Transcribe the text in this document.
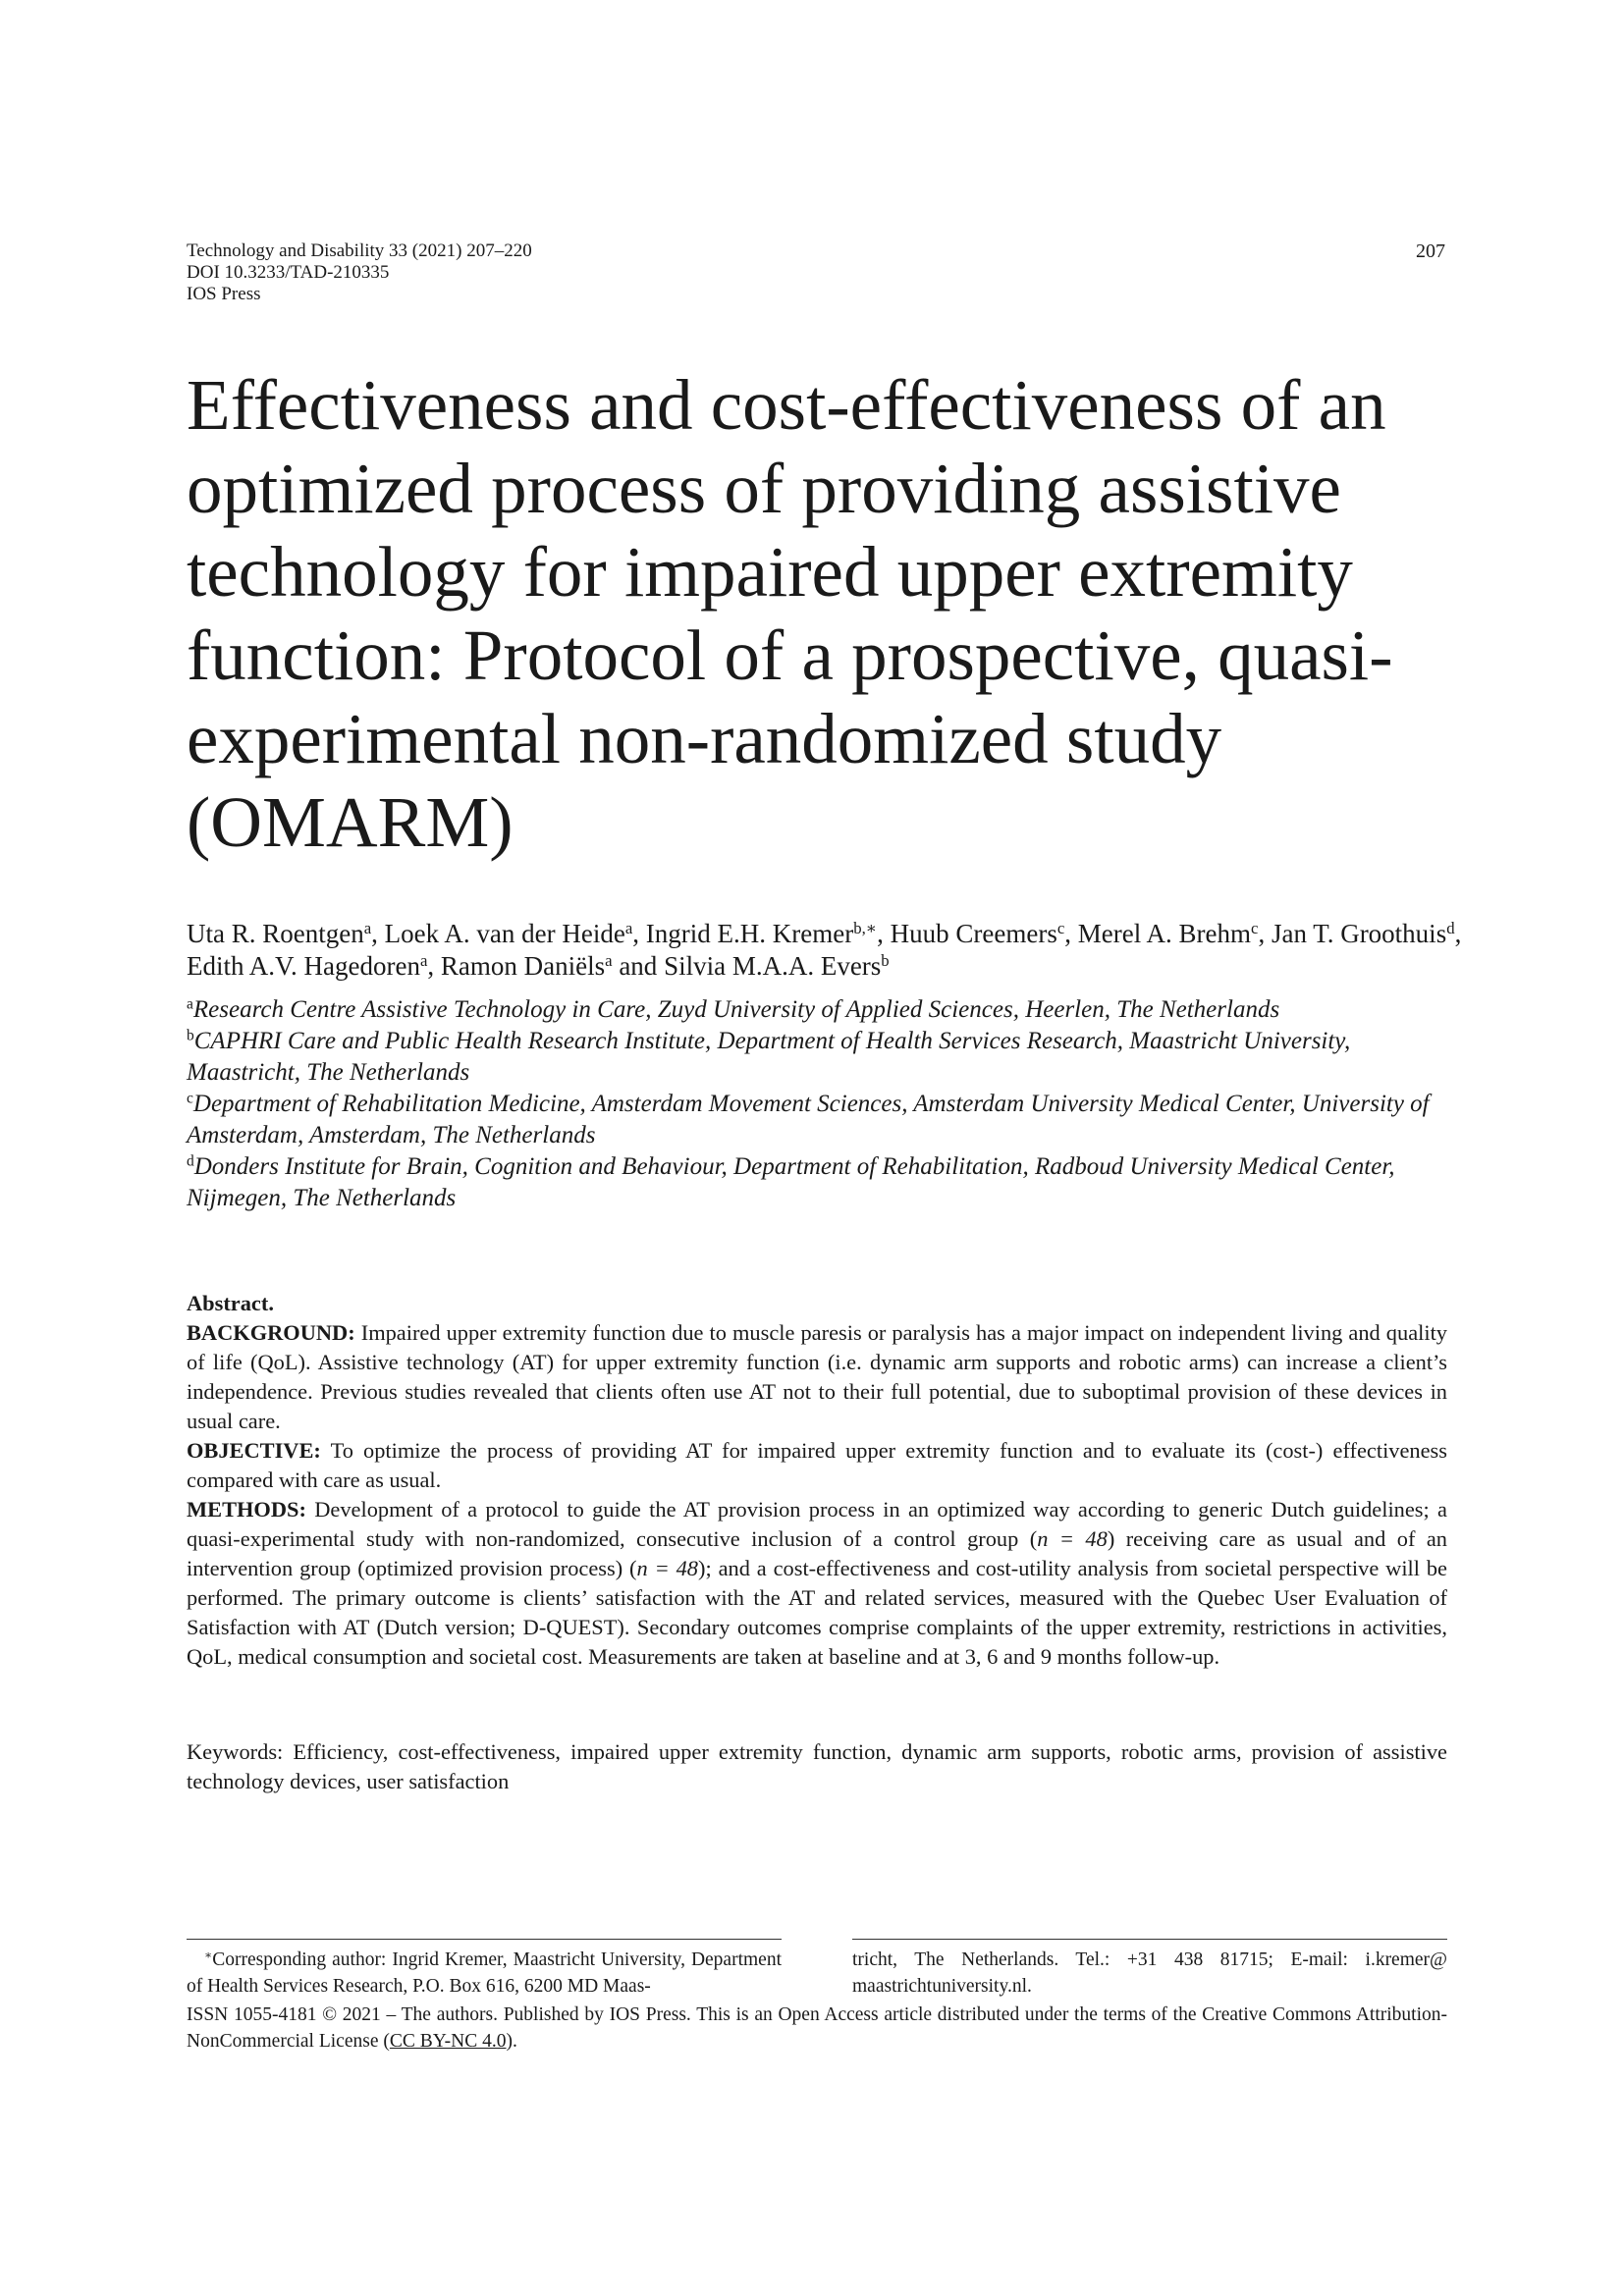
Technology and Disability 33 (2021) 207–220
DOI 10.3233/TAD-210335
IOS Press
207
Effectiveness and cost-effectiveness of an optimized process of providing assistive technology for impaired upper extremity function: Protocol of a prospective, quasi-experimental non-randomized study (OMARM)
Uta R. Roentgen$^a$, Loek A. van der Heide$^a$, Ingrid E.H. Kremer$^{b,∗}$, Huub Creemers$^c$, Merel A. Brehm$^c$, Jan T. Groothuis$^d$, Edith A.V. Hagedoren$^a$, Ramon Daniëls$^a$ and Silvia M.A.A. Evers$^b$
$^a$Research Centre Assistive Technology in Care, Zuyd University of Applied Sciences, Heerlen, The Netherlands
$^b$CAPHRI Care and Public Health Research Institute, Department of Health Services Research, Maastricht University, Maastricht, The Netherlands
$^c$Department of Rehabilitation Medicine, Amsterdam Movement Sciences, Amsterdam University Medical Center, University of Amsterdam, Amsterdam, The Netherlands
$^d$Donders Institute for Brain, Cognition and Behaviour, Department of Rehabilitation, Radboud University Medical Center, Nijmegen, The Netherlands

Abstract.

BACKGROUND: Impaired upper extremity function due to muscle paresis or paralysis has a major impact on independent living and quality of life (QoL). Assistive technology (AT) for upper extremity function (i.e. dynamic arm supports and robotic arms) can increase a client’s independence. Previous studies revealed that clients often use AT not to their full potential, due to suboptimal provision of these devices in usual care.

OBJECTIVE: To optimize the process of providing AT for impaired upper extremity function and to evaluate its (cost-) effectiveness compared with care as usual.

METHODS: Development of a protocol to guide the AT provision process in an optimized way according to generic Dutch guidelines; a quasi-experimental study with non-randomized, consecutive inclusion of a control group (n = 48) receiving care as usual and of an intervention group (optimized provision process) (n = 48); and a cost-effectiveness and cost-utility analysis from societal perspective will be performed. The primary outcome is clients’ satisfaction with the AT and related services, measured with the Quebec User Evaluation of Satisfaction with AT (Dutch version; D-QUEST). Secondary outcomes comprise complaints of the upper extremity, restrictions in activities, QoL, medical consumption and societal cost. Measurements are taken at baseline and at 3, 6 and 9 months follow-up.

Keywords: Efficiency, cost-effectiveness, impaired upper extremity function, dynamic arm supports, robotic arms, provision of assistive technology devices, user satisfaction
∗Corresponding author: Ingrid Kremer, Maastricht University, Department of Health Services Research, P.O. Box 616, 6200 MD Maas-
tricht, The Netherlands. Tel.: +31 438 81715; E-mail: i.kremer@ maastrichtuniversity.nl.
ISSN 1055-4181 © 2021 – The authors. Published by IOS Press. This is an Open Access article distributed under the terms of the Creative Commons Attribution-NonCommercial License (CC BY-NC 4.0).
